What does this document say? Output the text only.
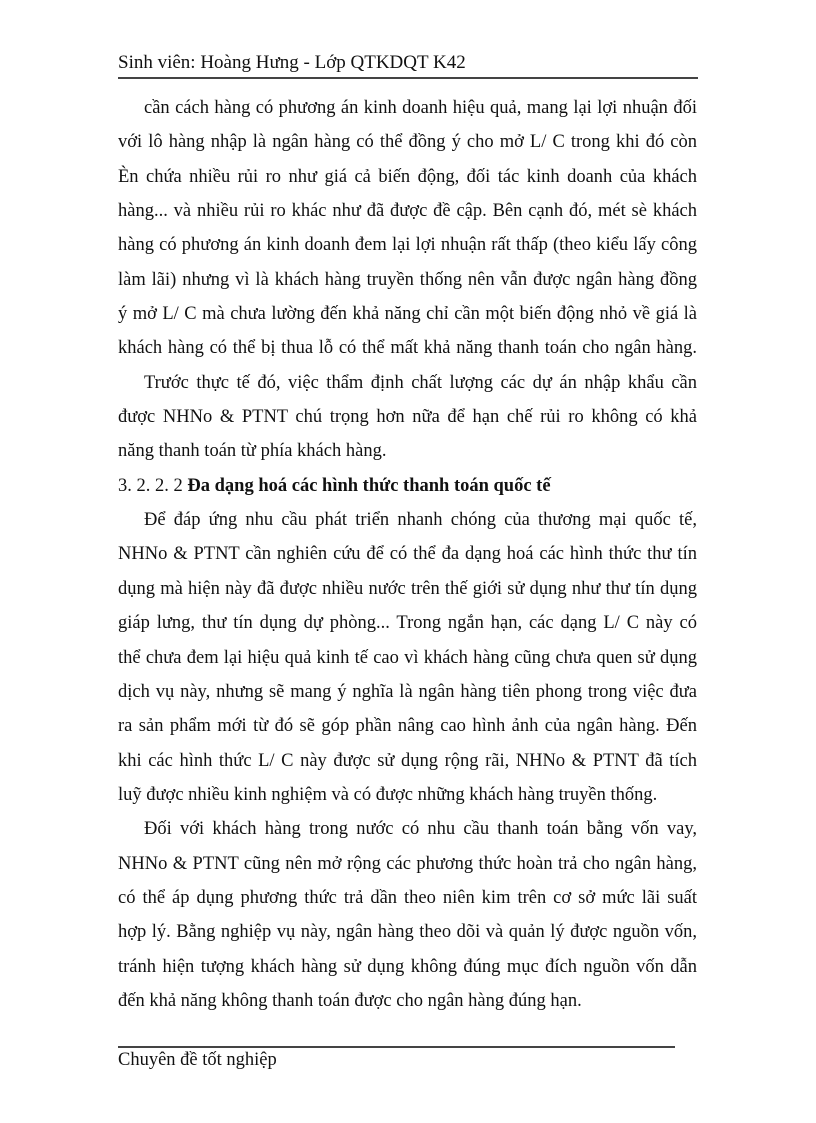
Sinh viên: Hoàng Hưng - Lớp QTKDQT K42
cần cách hàng có phương án kinh doanh hiệu quả, mang lại lợi nhuận đối
với lô hàng nhập là ngân hàng có thể đồng ý cho mở L/ C trong khi đó còn
Èn chứa nhiều rủi ro như giá cả biến động, đối tác kinh doanh của khách
hàng... và nhiều rủi ro khác như đã được đề cập. Bên cạnh đó, mét sè khách
hàng có phương án kinh doanh đem lại lợi nhuận rất thấp (theo kiểu lấy công
làm lãi) nhưng vì là khách hàng truyền thống nên vẫn được ngân hàng đồng
ý mở L/ C mà chưa lường đến khả năng chỉ cần một biến động nhỏ về giá là
khách hàng có thể bị thua lỗ có thể mất khả năng thanh toán cho ngân hàng.
Trước thực tế đó, việc thẩm định chất lượng các dự án nhập khẩu cần
được NHNo & PTNT chú trọng hơn nữa để hạn chế rủi ro không có khả
năng thanh toán từ phía khách hàng.
3. 2. 2. 2 Đa dạng hoá các hình thức thanh toán quốc tế
Để đáp ứng nhu cầu phát triển nhanh chóng của thương mại quốc tế,
NHNo & PTNT cần nghiên cứu để có thể đa dạng hoá các hình thức thư tín
dụng mà hiện này đã được nhiều nước trên thế giới sử dụng như thư tín dụng
giáp lưng, thư tín dụng dự phòng... Trong ngắn hạn, các dạng L/ C này có
thể chưa đem lại hiệu quả kinh tế cao vì khách hàng cũng chưa quen sử dụng
dịch vụ này, nhưng sẽ mang ý nghĩa là ngân hàng tiên phong trong việc đưa
ra sản phẩm mới từ đó sẽ góp phần nâng cao hình ảnh của ngân hàng. Đến
khi các hình thức L/ C này được sử dụng rộng rãi, NHNo & PTNT đã tích
luỹ được nhiều kinh nghiệm và có được những khách hàng truyền thống.
Đối với khách hàng trong nước có nhu cầu thanh toán bằng vốn vay,
NHNo & PTNT cũng nên mở rộng các phương thức hoàn trả cho ngân hàng,
có thể áp dụng phương thức trả dần theo niên kim trên cơ sở mức lãi suất
hợp lý. Bằng nghiệp vụ này, ngân hàng theo dõi và quản lý được nguồn vốn,
tránh hiện tượng khách hàng sử dụng không đúng mục đích nguồn vốn dẫn
đến khả năng không thanh toán được cho ngân hàng đúng hạn.
Chuyên đề tốt nghiệp
